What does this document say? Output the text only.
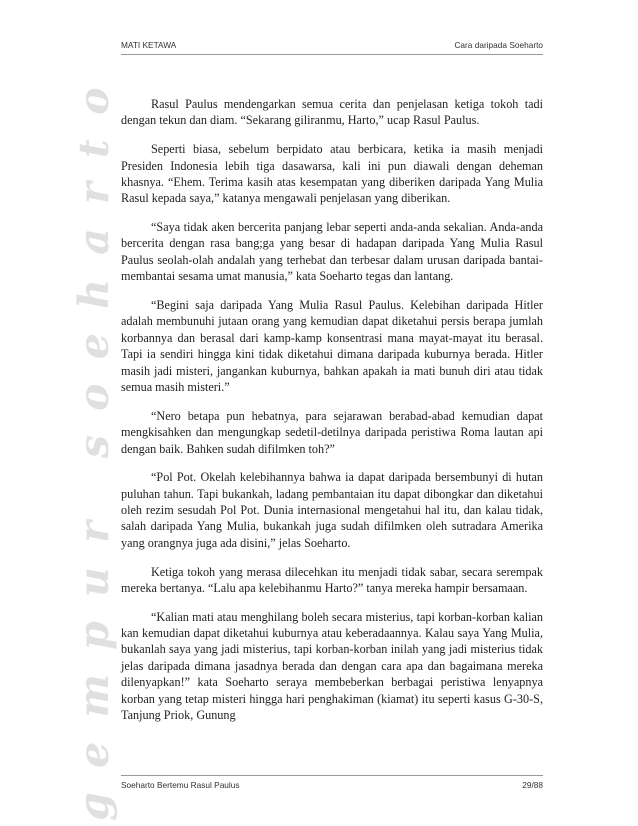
gempur soeharto
MATI KETAWA	Cara daripada Soeharto

Rasul Paulus mendengarkan semua cerita dan penjelasan ketiga tokoh tadi dengan tekun dan diam. “Sekarang giliranmu, Harto,” ucap Rasul Paulus.

Seperti biasa, sebelum berpidato atau berbicara, ketika ia masih menjadi Presiden Indonesia lebih tiga dasawarsa, kali ini pun diawali dengan deheman khasnya. “Ehem. Terima kasih atas kesempatan yang diberiken daripada Yang Mulia Rasul kepada saya,” katanya mengawali penjelasan yang diberikan.

“Saya tidak aken bercerita panjang lebar seperti anda-anda sekalian. Anda-anda bercerita dengan rasa bang;ga yang besar di hadapan daripada Yang Mulia Rasul Paulus seolah-olah andalah yang terhebat dan terbesar dalam urusan daripada bantai-membantai sesama umat manusia,” kata Soeharto tegas dan lantang.

“Begini saja daripada Yang Mulia Rasul Paulus. Kelebihan daripada Hitler adalah membunuhi jutaan orang yang kemudian dapat diketahui persis berapa jumlah korbannya dan berasal dari kamp-kamp konsentrasi mana mayat-mayat itu berasal. Tapi ia sendiri hingga kini tidak diketahui dimana daripada kuburnya berada. Hitler masih jadi misteri, jangankan kuburnya, bahkan apakah ia mati bunuh diri atau tidak semua masih misteri.”

“Nero betapa pun hebatnya, para sejarawan berabad-abad kemudian dapat mengkisahken dan mengungkap sedetil-detilnya daripada peristiwa Roma lautan api dengan baik. Bahken sudah difilmken toh?”

“Pol Pot. Okelah kelebihannya bahwa ia dapat daripada bersembunyi di hutan puluhan tahun. Tapi bukankah, ladang pembantaian itu dapat dibongkar dan diketahui oleh rezim sesudah Pol Pot. Dunia internasional mengetahui hal itu, dan kalau tidak, salah daripada Yang Mulia, bukankah juga sudah difilmken oleh sutradara Amerika yang orangnya juga ada disini,” jelas Soeharto.

Ketiga tokoh yang merasa dilecehkan itu menjadi tidak sabar, secara serempak mereka bertanya. “Lalu apa kelebihanmu Harto?” tanya mereka hampir bersamaan.

“Kalian mati atau menghilang boleh secara misterius, tapi korban-korban kalian kan kemudian dapat diketahui kuburnya atau keberadaannya. Kalau saya Yang Mulia, bukanlah saya yang jadi misterius, tapi korban-korban inilah yang jadi misterius tidak jelas daripada dimana jasadnya berada dan dengan cara apa dan bagaimana mereka dilenyapkan!” kata Soeharto seraya membeberkan berbagai peristiwa lenyapnya korban yang tetap misteri hingga hari penghakiman (kiamat) itu seperti kasus G-30-S, Tanjung Priok, Gunung

Soeharto Bertemu Rasul Paulus	29/88
